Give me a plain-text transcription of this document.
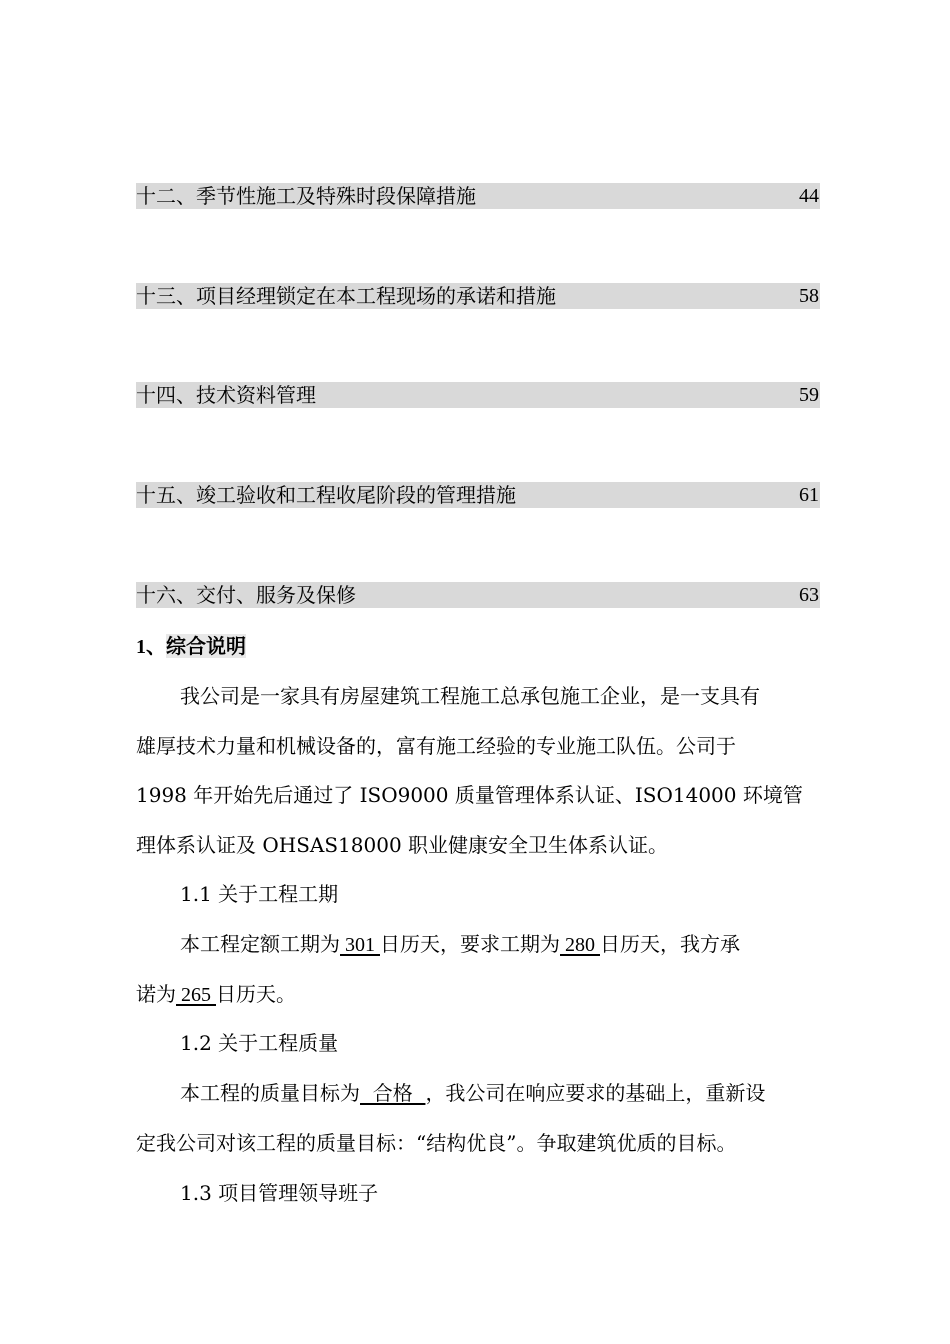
十二、季节性施工及特殊时段保障措施	44
十三、项目经理锁定在本工程现场的承诺和措施	58
十四、技术资料管理	59
十五、竣工验收和工程收尾阶段的管理措施	61
十六、交付、服务及保修	63
1、综合说明
我公司是一家具有房屋建筑工程施工总承包施工企业，是一支具有
雄厚技术力量和机械设备的，富有施工经验的专业施工队伍。公司于
1998 年开始先后通过了 ISO9000 质量管理体系认证、ISO14000 环境管
理体系认证及 OHSAS18000 职业健康安全卫生体系认证。
1.1 关于工程工期
本工程定额工期为 301 日历天，要求工期为 280 日历天，我方承
诺为 265 日历天。
1.2 关于工程质量
本工程的质量目标为  合格  ，我公司在响应要求的基础上，重新设
定我公司对该工程的质量目标：“结构优良”。争取建筑优质的目标。
1.3 项目管理领导班子
